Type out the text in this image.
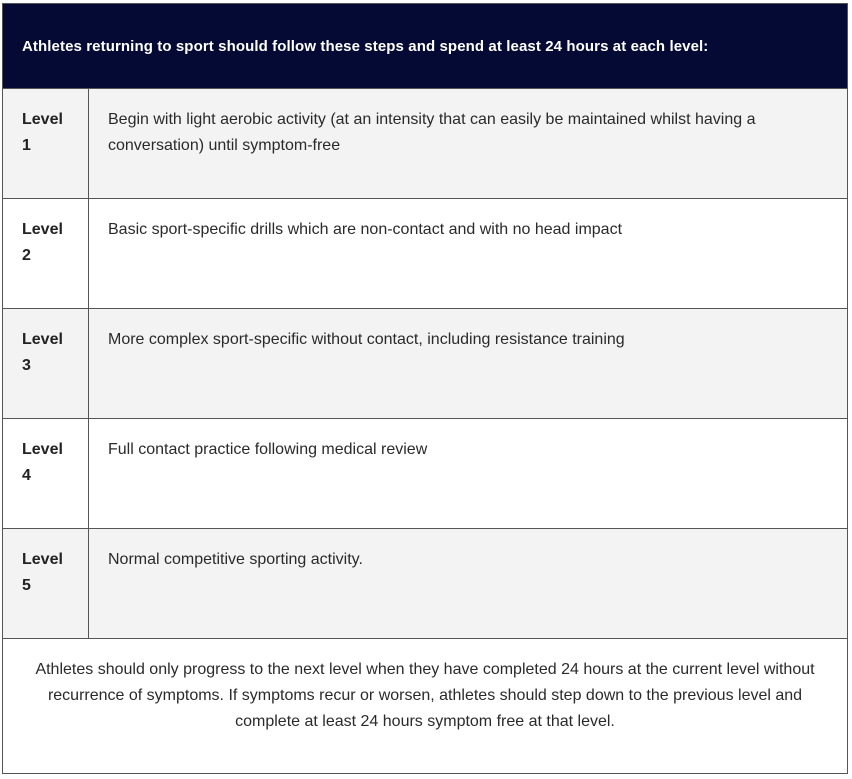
Athletes returning to sport should follow these steps and spend at least 24 hours at each level:
Level
1
Begin with light aerobic activity (at an intensity that can easily be maintained whilst having a conversation) until symptom-free
Level
2
Basic sport-specific drills which are non-contact and with no head impact
Level
3
More complex sport-specific without contact, including resistance training
Level
4
Full contact practice following medical review
Level
5
Normal competitive sporting activity.
Athletes should only progress to the next level when they have completed 24 hours at the current level without recurrence of symptoms. If symptoms recur or worsen, athletes should step down to the previous level and complete at least 24 hours symptom free at that level.
